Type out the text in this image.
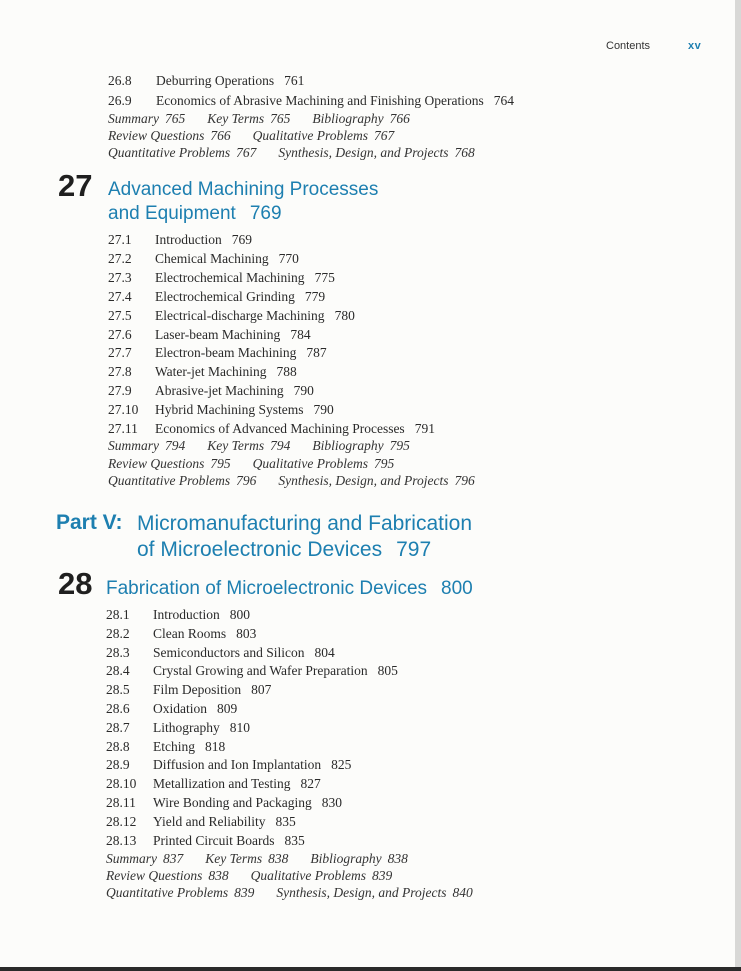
Contents	xv
26.8 Deburring Operations 761
26.9 Economics of Abrasive Machining and Finishing Operations 764
Summary 765 Key Terms 765 Bibliography 766
Review Questions 766 Qualitative Problems 767
Quantitative Problems 767 Synthesis, Design, and Projects 768
27 Advanced Machining Processes
and Equipment 769
27.1 Introduction 769
27.2 Chemical Machining 770
27.3 Electrochemical Machining 775
27.4 Electrochemical Grinding 779
27.5 Electrical-discharge Machining 780
27.6 Laser-beam Machining 784
27.7 Electron-beam Machining 787
27.8 Water-jet Machining 788
27.9 Abrasive-jet Machining 790
27.10 Hybrid Machining Systems 790
27.11 Economics of Advanced Machining Processes 791
Summary 794 Key Terms 794 Bibliography 795
Review Questions 795 Qualitative Problems 795
Quantitative Problems 796 Synthesis, Design, and Projects 796
Part V: Micromanufacturing and Fabrication
of Microelectronic Devices 797
28 Fabrication of Microelectronic Devices 800
28.1 Introduction 800
28.2 Clean Rooms 803
28.3 Semiconductors and Silicon 804
28.4 Crystal Growing and Wafer Preparation 805
28.5 Film Deposition 807
28.6 Oxidation 809
28.7 Lithography 810
28.8 Etching 818
28.9 Diffusion and Ion Implantation 825
28.10 Metallization and Testing 827
28.11 Wire Bonding and Packaging 830
28.12 Yield and Reliability 835
28.13 Printed Circuit Boards 835
Summary 837 Key Terms 838 Bibliography 838
Review Questions 838 Qualitative Problems 839
Quantitative Problems 839 Synthesis, Design, and Projects 840
